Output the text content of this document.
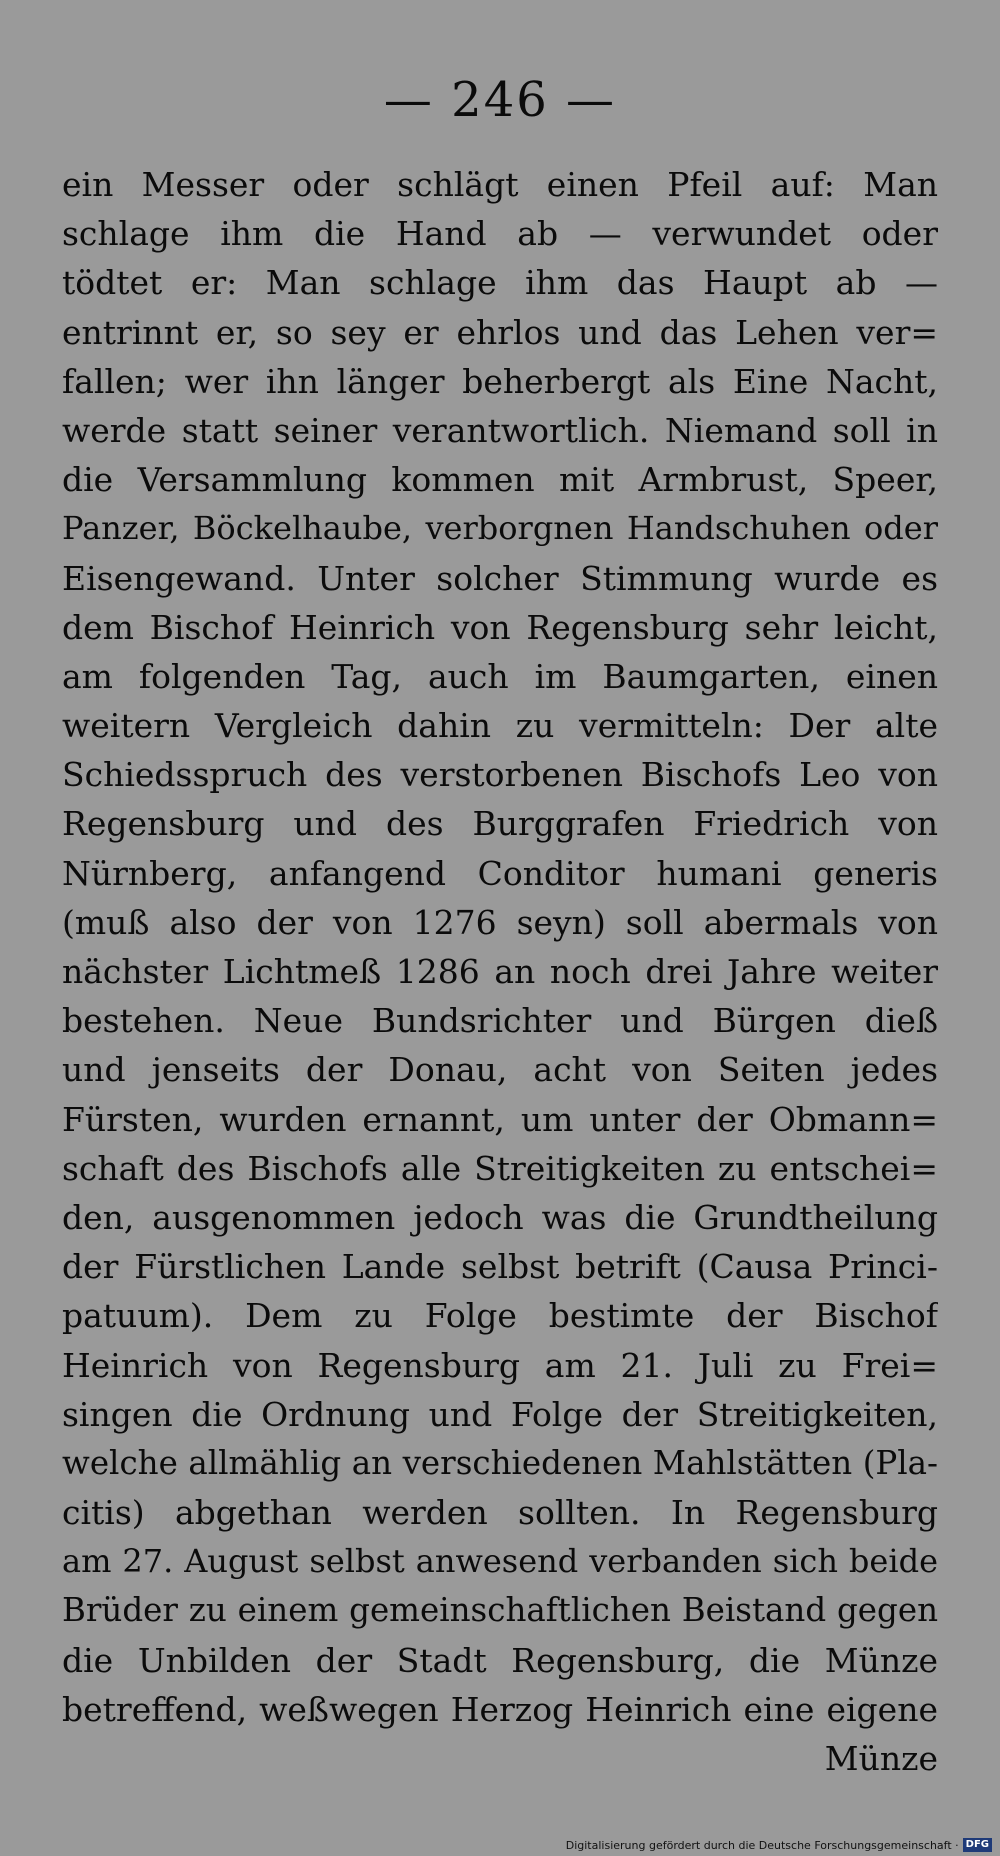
— 246 —
ein Messer oder schlägt einen Pfeil auf: Man
schlage ihm die Hand ab — verwundet oder
tödtet er: Man schlage ihm das Haupt ab —
entrinnt er, so sey er ehrlos und das Lehen ver=
fallen; wer ihn länger beherbergt als Eine Nacht,
werde statt seiner verantwortlich. Niemand soll in
die Versammlung kommen mit Armbrust, Speer,
Panzer, Böckelhaube, verborgnen Handschuhen oder
Eisengewand. Unter solcher Stimmung wurde es
dem Bischof Heinrich von Regensburg sehr leicht,
am folgenden Tag, auch im Baumgarten, einen
weitern Vergleich dahin zu vermitteln: Der alte
Schiedsspruch des verstorbenen Bischofs Leo von
Regensburg und des Burggrafen Friedrich von
Nürnberg, anfangend Conditor humani generis
(muß also der von 1276 seyn) soll abermals von
nächster Lichtmeß 1286 an noch drei Jahre weiter
bestehen. Neue Bundsrichter und Bürgen dieß
und jenseits der Donau, acht von Seiten jedes
Fürsten, wurden ernannt, um unter der Obmann=
schaft des Bischofs alle Streitigkeiten zu entschei=
den, ausgenommen jedoch was die Grundtheilung
der Fürstlichen Lande selbst betrift (Causa Princi-
patuum). Dem zu Folge bestimte der Bischof
Heinrich von Regensburg am 21. Juli zu Frei=
singen die Ordnung und Folge der Streitigkeiten,
welche allmählig an verschiedenen Mahlstätten (Pla-
citis) abgethan werden sollten. In Regensburg
am 27. August selbst anwesend verbanden sich beide
Brüder zu einem gemeinschaftlichen Beistand gegen
die Unbilden der Stadt Regensburg, die Münze
betreffend, weßwegen Herzog Heinrich eine eigene
Münze
Digitalisierung gefördert durch die Deutsche Forschungsgemeinschaft · DFG
